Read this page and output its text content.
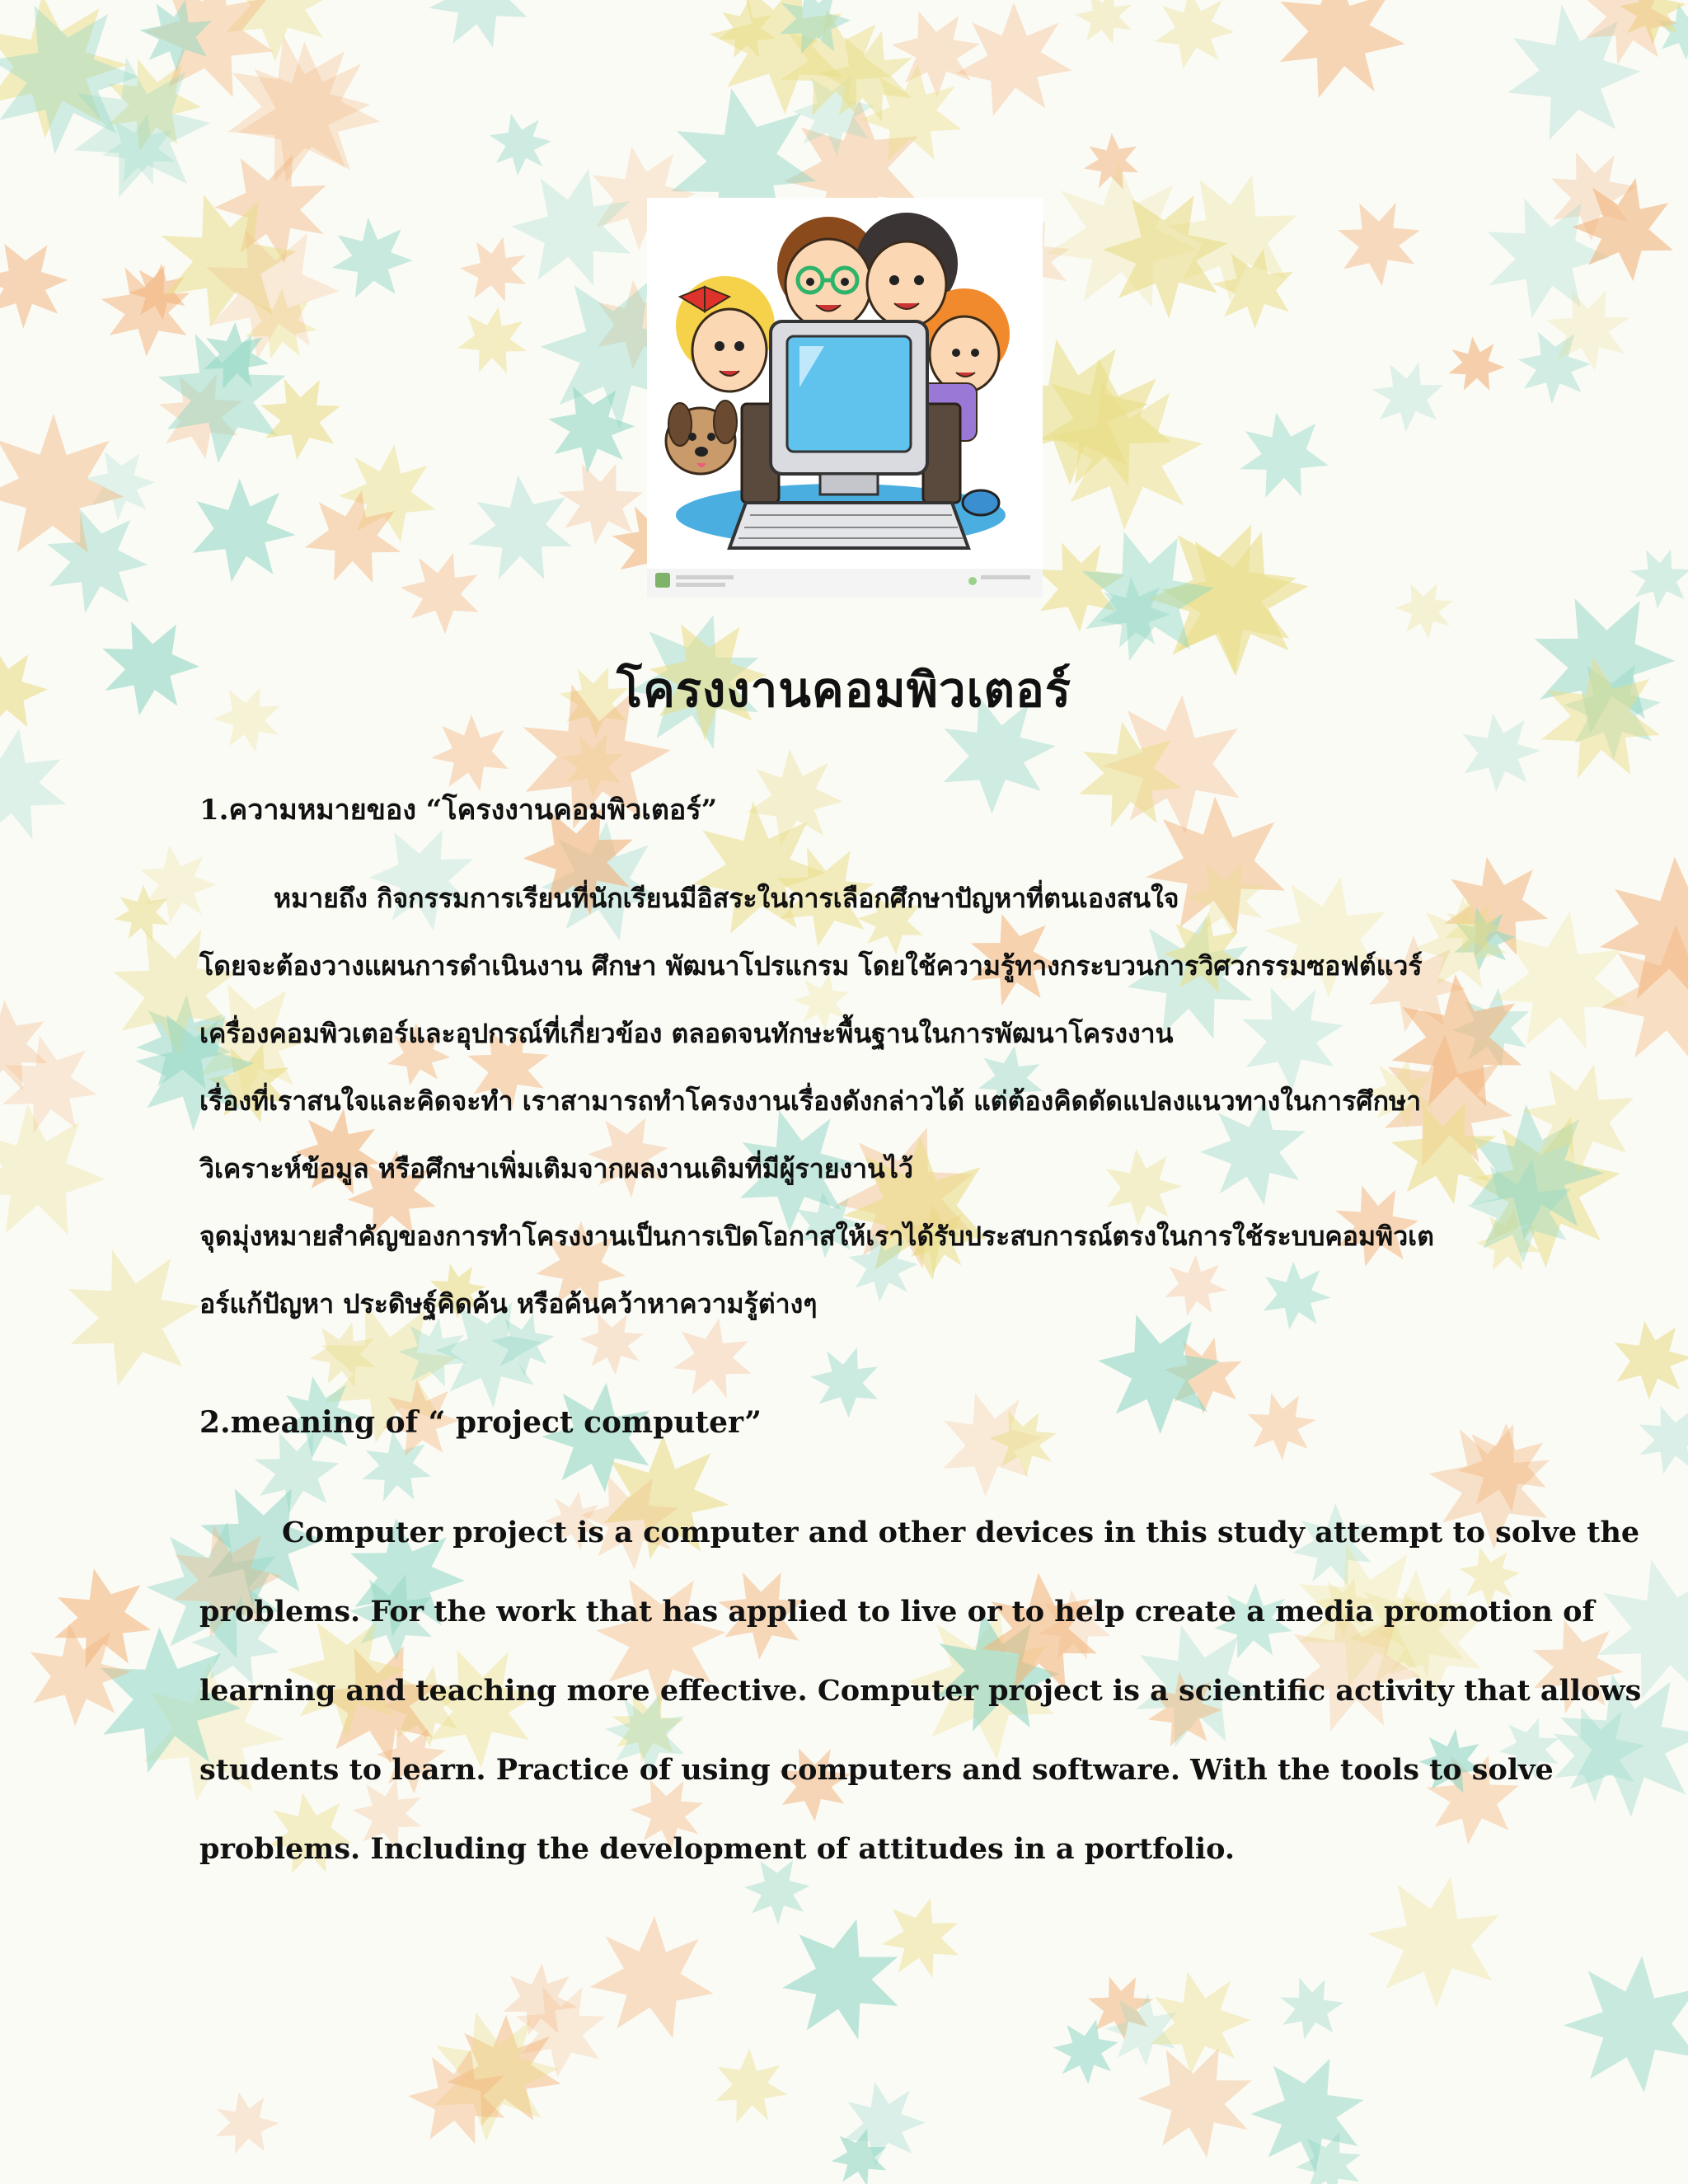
โครงงานคอมพิวเตอร์
1.ความหมายของ “โครงงานคอมพิวเตอร์”
หมายถึง กิจกรรมการเรียนที่นักเรียนมีอิสระในการเลือกศึกษาปัญหาที่ตนเองสนใจ
โดยจะต้องวางแผนการดำเนินงาน ศึกษา พัฒนาโปรแกรม โดยใช้ความรู้ทางกระบวนการวิศวกรรมซอฟต์แวร์
เครื่องคอมพิวเตอร์และอุปกรณ์ที่เกี่ยวข้อง ตลอดจนทักษะพื้นฐานในการพัฒนาโครงงาน
เรื่องที่เราสนใจและคิดจะทำ เราสามารถทำโครงงานเรื่องดังกล่าวได้ แต่ต้องคิดดัดแปลงแนวทางในการศึกษา
วิเคราะห์ข้อมูล หรือศึกษาเพิ่มเติมจากผลงานเดิมที่มีผู้รายงานไว้
จุดมุ่งหมายสำคัญของการทำโครงงานเป็นการเปิดโอกาสให้เราได้รับประสบการณ์ตรงในการใช้ระบบคอมพิวเต
อร์แก้ปัญหา ประดิษฐ์คิดค้น หรือค้นคว้าหาความรู้ต่างๆ
2.meaning of “ project computer”
Computer project is a computer and other devices in this study attempt to solve the
problems. For the work that has applied to live or to help create a media promotion of
learning and teaching more effective. Computer project is a scientific activity that allows
students to learn. Practice of using computers and software. With the tools to solve
problems. Including the development of attitudes in a portfolio.
